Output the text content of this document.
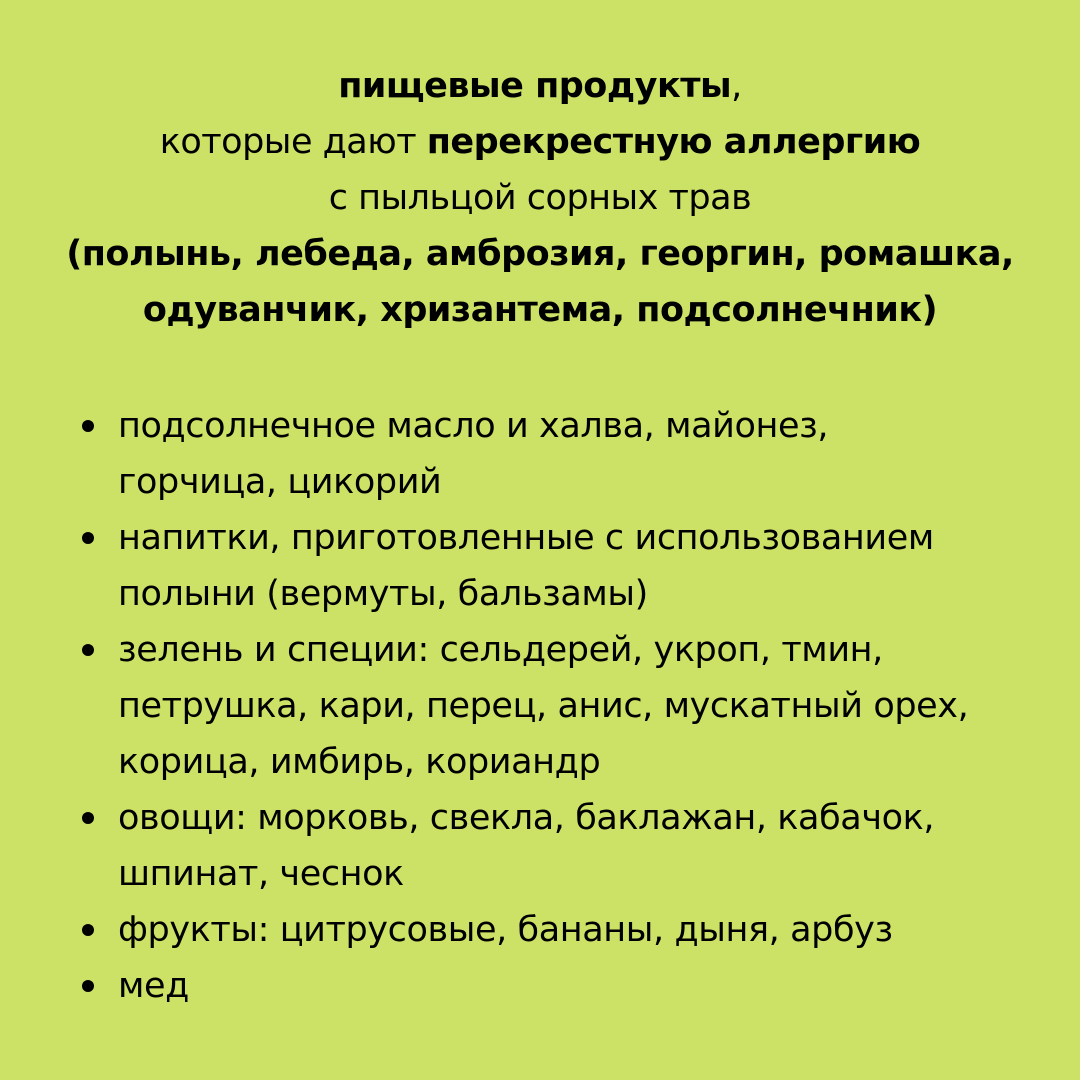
пищевые продукты,
которые дают перекрестную аллергию
с пыльцой сорных трав
(полынь, лебеда, амброзия, георгин, ромашка,
одуванчик, хризантема, подсолнечник)
подсолнечное масло и халва, майонез,
горчица, цикорий
напитки, приготовленные с использованием
полыни (вермуты, бальзамы)
зелень и специи: сельдерей, укроп, тмин,
петрушка, кари, перец, анис, мускатный орех,
корица, имбирь, кориандр
овощи: морковь, свекла, баклажан, кабачок,
шпинат, чеснок
фрукты: цитрусовые, бананы, дыня, арбуз
мед
